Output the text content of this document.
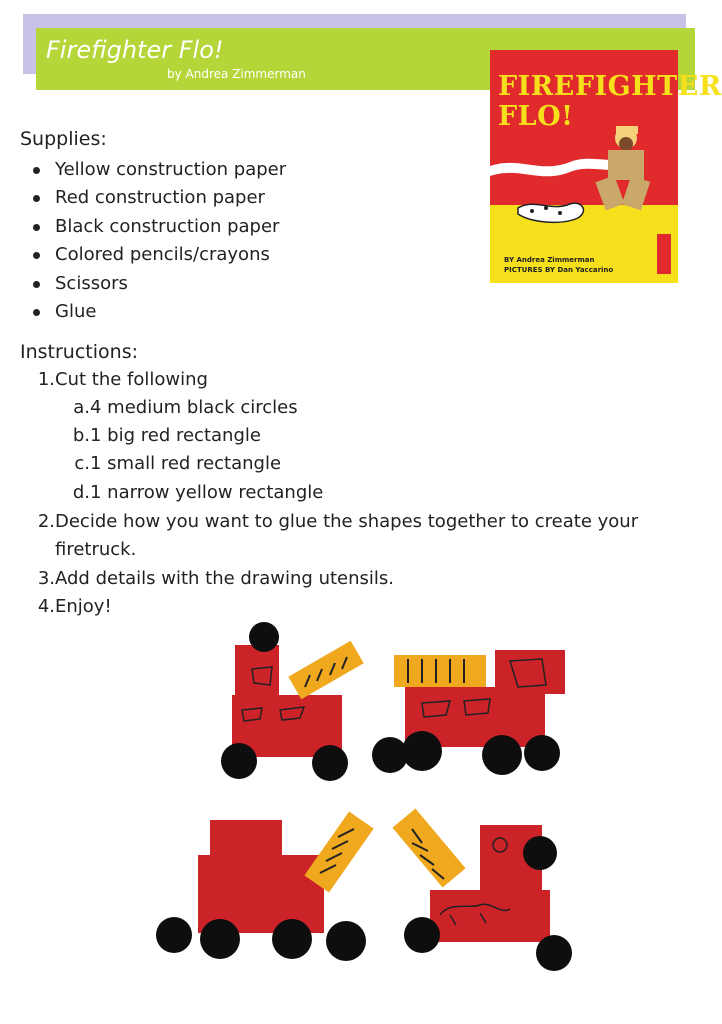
Firefighter Flo!
by Andrea Zimmerman	FIREFIGHTER
FLO!
BY Andrea Zimmerman
PICTURES BY Dan Yaccarino
Supplies:
Yellow construction paper
Red construction paper
Black construction paper
Colored pencils/crayons
Scissors
Glue
Instructions:
1.Cut the following
a.4 medium black circles
b.1 big red rectangle
c.1 small red rectangle
d.1 narrow yellow rectangle
2.Decide how you want to glue the shapes together to create your
firetruck.
3.Add details with the drawing utensils.
4.Enjoy!
